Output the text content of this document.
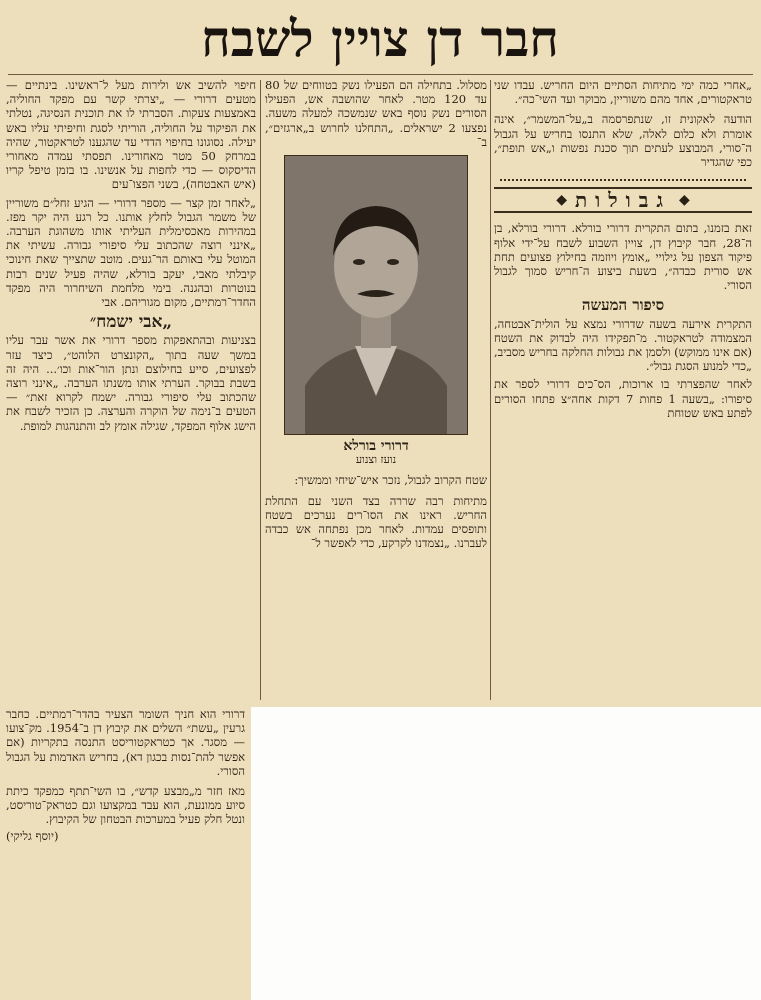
חבר דן צויין לשבח

„אחרי כמה ימי מתיחות הסתיים היום החריש. עבדו שני טראקטורים, אחד מהם משוריין, מבוקר ועד השי־כה״.

הודעה לאקונית זו, שנתפרסמה ב„על־המשמר״, אינה אומרת ולא כלום לאלה, שלא התנסו בחריש על הגבול ה־סורי, המבוצע לעתים תוך סכנת נפשות ו„אש תופת״, כפי שהגדיר

◆
גבולות
◆

זאת בזמנו, בתום התקרית דרורי בורלא. דרורי בורלא, בן ה־28, חבר קיבוץ דן, צויין השבוע לשבח על־ידי אלוף פיקוד הצפון על גילויי „אומץ ויוזמה בחילוץ פצועים תחת אש סורית כבדה״, בשעת ביצוע ה־חריש סמוך לגבול הסורי.

סיפור המעשה

התקרית אירעה בשעה שדרורי נמצא על הולית־אבטחה, המצמודה לטראקטור. מ־תפקידו היה לבדוק את השטח (אם אינו ממוקש) ולסמן את גבולות החלקה בחריש מסביב, „כדי למנוע הסגת גבול״.

לאחר שהפצרתי בו ארוכות, הס־כים דרורי לספר את סיפורו: „בשעה 1 פחות 7 דקות אחה״צ פתחו הסורים לפתע באש שטוחת

מסלול. בתחילה הם הפעילו נשק בטווחים של 80 עד 120 מטר. לאחר שהושבה אש, הפעילו הסורים נשק נוסף באש שנמשכה למעלה משעה. נפצעו 2 ישראלים. „התחלנו לחרוש ב„ארגזים״, ב־

דרורי בורלא
נועז וצנוע

שטח הקרוב לגבול, נזכר איש־שיחי וממשיך:

מתיחות רבה שררה בצד השני עם התחלת החריש. ראינו את הסו־רים נערכים בשטח ותופסים עמדות. לאחר מכן נפתחה אש כבדה לעברנו. „נצמדנו לקרקע, כדי לאפשר ל־

חיפוי להשיב אש ולירות מעל ל־ראשינו. בינתיים — מטעים דרורי — „יצרתי קשר עם מפקד החוליה, באמצעות צעקות. הסברתי לו את תוכנית הנסיגה, נטלתי את הפיקוד על החוליה, הוריתי לסגת וחיפיתי עליו באש יעילה. נסוגונו בחיפוי הדדי עד שהגענו לטראקטור, שהיה במרחק 50 מטר מאחורינו. תפסתי עמדה מאחורי הדיסקוס — כדי לחפות על אנשינו. בו בזמן טיפל קריו (איש האבטחה), בשני הפצו־עים

„לאחר זמן קצר — מספר דרורי — הגיע זחל״ם משוריין של משמר הגבול לחלץ אותנו. כל רגע היה יקר מפז. במהירות מאכסימלית העליתי אותו משהוגת הערבה. „אינני רוצה שהכתוב עלי סיפורי גבורה. עשיתי את המוטל עלי באותם הר־געים. מוטב שתצייך שאת חינוכי קיבלתי מאבי, יעקב בורלא, שהיה פעיל שנים רבות בנוטרות ובהגנה. בימי מלחמת השיחרור היה מפקד החדר־רמתיים, מקום מגוריהם. אבי

„אבי ישמח״

בצניעות ובהתאפקות מספר דרורי את אשר עבר עליו במשך שעה בתוך „הקונצרט הלוהט״, כיצד עזר לפצועים, סייע בחילוצם ונתן הור־אות וכו׳... היה זה בשבת בבוקר. הערתי אותו משנתו הערבה. „אינני רוצה שהכתוב עלי סיפורי גבורה. ישמח לקרוא זאת״ — הטעים ב־נימה של הוקרה והערצה. כן הזכיר לשבח את הישג אלוף המפקד, שגילה אומץ לב והתנהגות למופת.

דרורי הוא חניך השומר הצעיר בהדר־רמתיים. כחבר גרעין „עשת״ השלים את קיבוץ דן ב־1954. מק־צועו — מסגר. אך כטראקטוריסט התנסה בתקריות (אם אפשר להת־נסות בכגון דא), בחריש האדמות על הגבול הסורי.

מאז חזר מ„מבצע קדש״, בו השי־תתף כמפקד כיתת סיוע ממונעת, הוא עבד במקצועו וגם כטראק־טוריסט, ונטל חלק פעיל במערכות הבטחון של הקיבוץ.

(יוסף גליקי)
